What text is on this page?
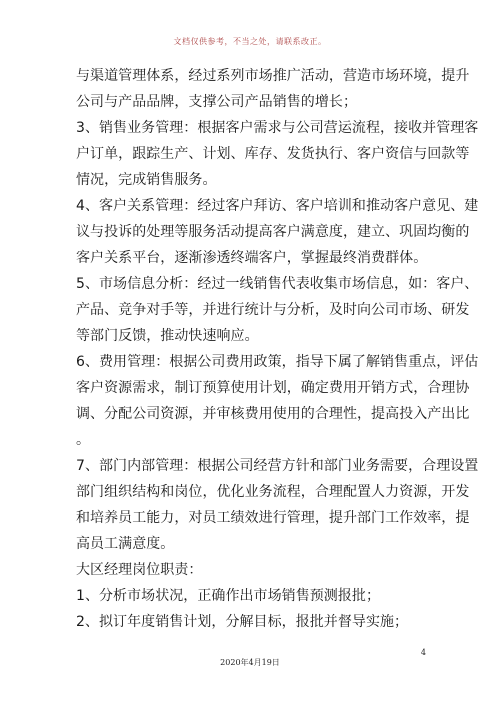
文档仅供参考，不当之处，请联系改正。
与渠道管理体系，经过系列市场推广活动，营造市场环境，提升
公司与产品品牌，支撑公司产品销售的增长；
3、销售业务管理：根据客户需求与公司营运流程，接收并管理客
户订单，跟踪生产、计划、库存、发货执行、客户资信与回款等
情况，完成销售服务。
4、客户关系管理：经过客户拜访、客户培训和推动客户意见、建
议与投诉的处理等服务活动提高客户满意度，建立、巩固均衡的
客户关系平台，逐渐渗透终端客户，掌握最终消费群体。
5、市场信息分析：经过一线销售代表收集市场信息，如：客户、
产品、竞争对手等，并进行统计与分析，及时向公司市场、研发
等部门反馈，推动快速响应。
6、费用管理：根据公司费用政策，指导下属了解销售重点，评估
客户资源需求，制订预算使用计划，确定费用开销方式，合理协
调、分配公司资源，并审核费用使用的合理性，提高投入产出比
。
7、部门内部管理：根据公司经营方针和部门业务需要，合理设置
部门组织结构和岗位，优化业务流程，合理配置人力资源，开发
和培养员工能力，对员工绩效进行管理，提升部门工作效率，提
高员工满意度。
大区经理岗位职责：
1、分析市场状况，正确作出市场销售预测报批；
2、拟订年度销售计划，分解目标，报批并督导实施；
4
2020年4月19日
